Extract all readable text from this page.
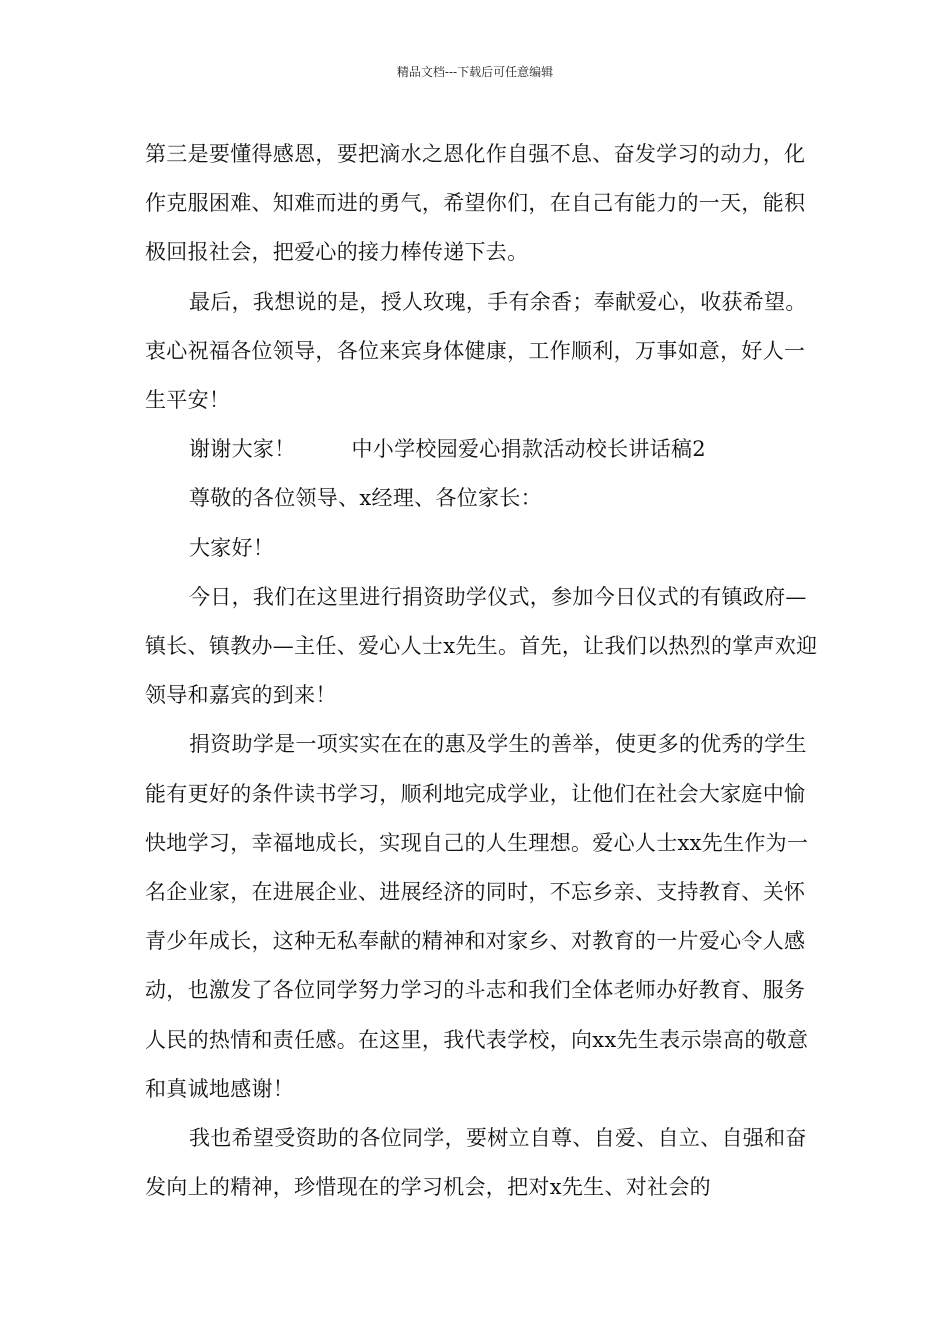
精品文档---下载后可任意编辑

第三是要懂得感恩，要把滴水之恩化作自强不息、奋发学习的动力，化作克服困难、知难而进的勇气，希望你们，在自己有能力的一天，能积极回报社会，把爱心的接力棒传递下去。

最后，我想说的是，授人玫瑰，手有余香；奉献爱心，收获希望。衷心祝福各位领导，各位来宾身体健康，工作顺利，万事如意，好人一生平安！

谢谢大家！	中小学校园爱心捐款活动校长讲话稿2

尊敬的各位领导、x经理、各位家长：

大家好！

今日，我们在这里进行捐资助学仪式，参加今日仪式的有镇政府—镇长、镇教办—主任、爱心人士x先生。首先，让我们以热烈的掌声欢迎领导和嘉宾的到来！

捐资助学是一项实实在在的惠及学生的善举，使更多的优秀的学生能有更好的条件读书学习，顺利地完成学业，让他们在社会大家庭中愉快地学习，幸福地成长，实现自己的人生理想。爱心人士xx先生作为一名企业家，在进展企业、进展经济的同时，不忘乡亲、支持教育、关怀青少年成长，这种无私奉献的精神和对家乡、对教育的一片爱心令人感动，也激发了各位同学努力学习的斗志和我们全体老师办好教育、服务人民的热情和责任感。在这里，我代表学校，向xx先生表示崇高的敬意和真诚地感谢！

我也希望受资助的各位同学，要树立自尊、自爱、自立、自强和奋发向上的精神，珍惜现在的学习机会，把对x先生、对社会的
